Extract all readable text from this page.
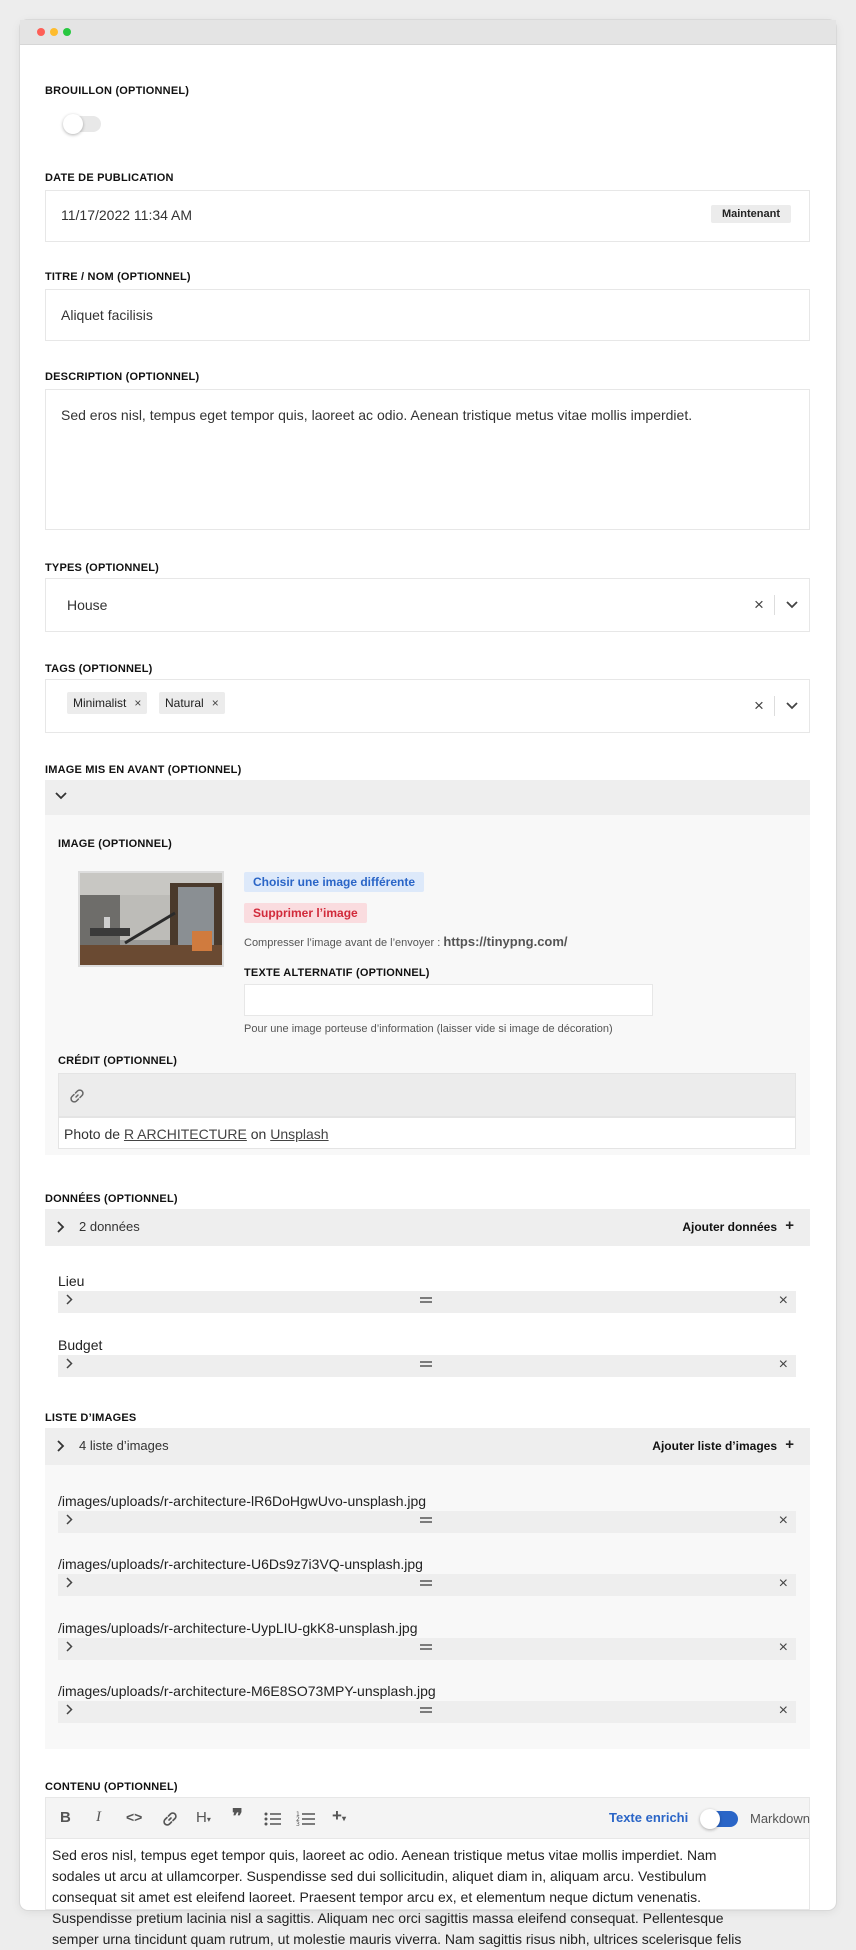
BROUILLON (OPTIONNEL)
DATE DE PUBLICATION
11/17/2022 11:34 AM	Maintenant
TITRE / NOM (OPTIONNEL)
Aliquet facilisis
DESCRIPTION (OPTIONNEL)
Sed eros nisl, tempus eget tempor quis, laoreet ac odio. Aenean tristique metus vitae mollis imperdiet.
TYPES (OPTIONNEL)
House	×
TAGS (OPTIONNEL)
Minimalist × Natural ×	×
IMAGE MIS EN AVANT (OPTIONNEL)
IMAGE (OPTIONNEL)
Choisir une image différente
Supprimer l’image
Compresser l’image avant de l’envoyer : https://tinypng.com/
TEXTE ALTERNATIF (OPTIONNEL)
Pour une image porteuse d’information (laisser vide si image de décoration)
CRÉDIT (OPTIONNEL)
Photo de R ARCHITECTURE on Unsplash
DONNÉES (OPTIONNEL)
2 données	Ajouter données +
Lieu
×
Budget
×
LISTE D’IMAGES
4 liste d’images	Ajouter liste d’images +
/images/uploads/r-architecture-lR6DoHgwUvo-unsplash.jpg
×
/images/uploads/r-architecture-U6Ds9z7i3VQ-unsplash.jpg
×
/images/uploads/r-architecture-UypLIU-gkK8-unsplash.jpg
×
/images/uploads/r-architecture-M6E8SO73MPY-unsplash.jpg
×
CONTENU (OPTIONNEL)
B I <>	H▾ ❞	1
2
3 +▾	Texte enrichi	Markdown
Sed eros nisl, tempus eget tempor quis, laoreet ac odio. Aenean tristique metus vitae mollis imperdiet. Nam
sodales ut arcu at ullamcorper. Suspendisse sed dui sollicitudin, aliquet diam in, aliquam arcu. Vestibulum
consequat sit amet est eleifend laoreet. Praesent tempor arcu ex, et elementum neque dictum venenatis.
Suspendisse pretium lacinia nisl a sagittis. Aliquam nec orci sagittis massa eleifend consequat. Pellentesque
semper urna tincidunt quam rutrum, ut molestie mauris viverra. Nam sagittis risus nibh, ultrices scelerisque felis
